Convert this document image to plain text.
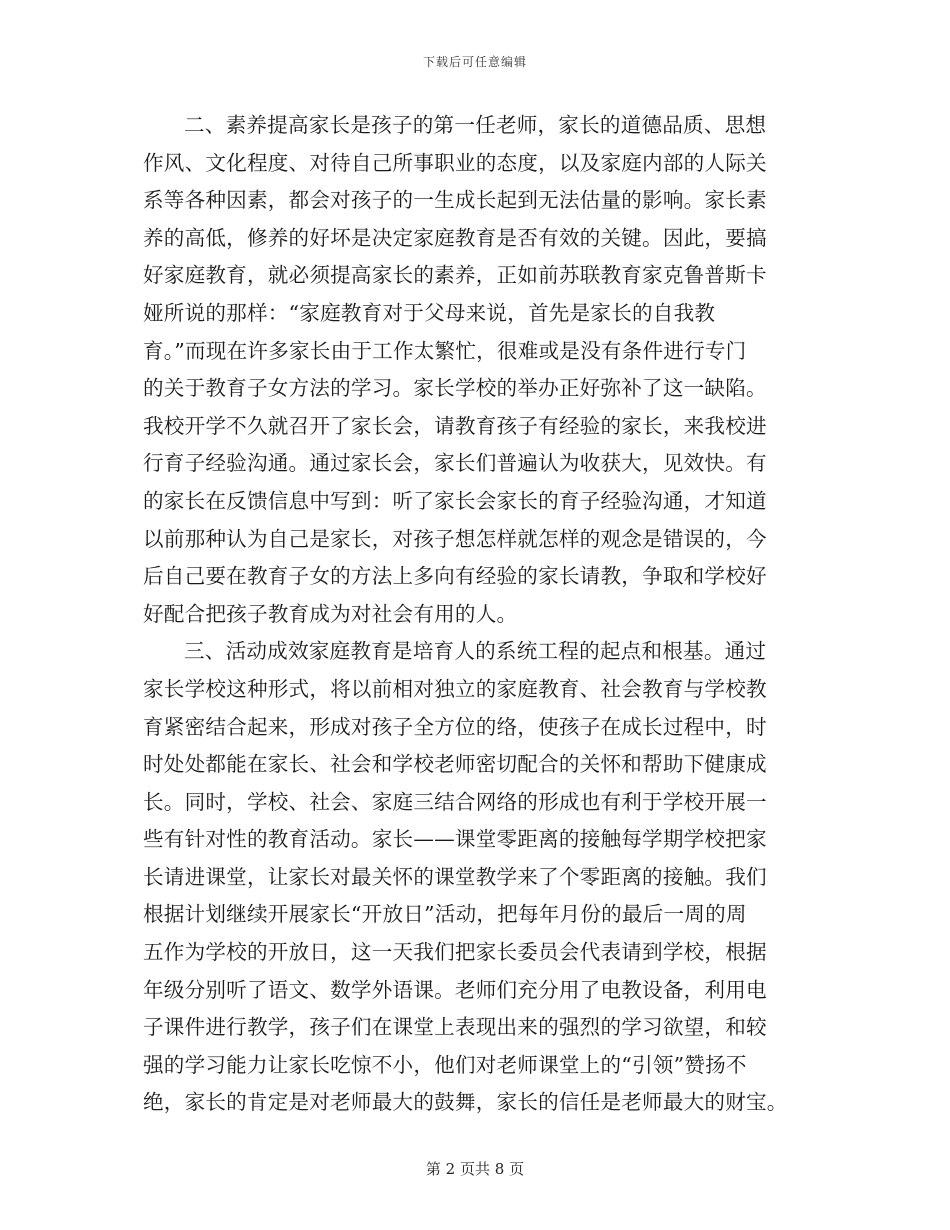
下载后可任意编辑
二、素养提高家长是孩子的第一任老师，家长的道德品质、思想
作风、文化程度、对待自己所事职业的态度，以及家庭内部的人际关
系等各种因素，都会对孩子的一生成长起到无法估量的影响。家长素
养的高低，修养的好坏是决定家庭教育是否有效的关键。因此，要搞
好家庭教育，就必须提高家长的素养，正如前苏联教育家克鲁普斯卡
娅所说的那样：“家庭教育对于父母来说，首先是家长的自我教
育。”而现在许多家长由于工作太繁忙，很难或是没有条件进行专门
的关于教育子女方法的学习。家长学校的举办正好弥补了这一缺陷。
我校开学不久就召开了家长会，请教育孩子有经验的家长，来我校进
行育子经验沟通。通过家长会，家长们普遍认为收获大，见效快。有
的家长在反馈信息中写到：听了家长会家长的育子经验沟通，才知道
以前那种认为自己是家长，对孩子想怎样就怎样的观念是错误的，今
后自己要在教育子女的方法上多向有经验的家长请教，争取和学校好
好配合把孩子教育成为对社会有用的人。
三、活动成效家庭教育是培育人的系统工程的起点和根基。通过
家长学校这种形式，将以前相对独立的家庭教育、社会教育与学校教
育紧密结合起来，形成对孩子全方位的络，使孩子在成长过程中，时
时处处都能在家长、社会和学校老师密切配合的关怀和帮助下健康成
长。同时，学校、社会、家庭三结合网络的形成也有利于学校开展一
些有针对性的教育活动。家长——课堂零距离的接触每学期学校把家
长请进课堂，让家长对最关怀的课堂教学来了个零距离的接触。我们
根据计划继续开展家长“开放日”活动，把每年月份的最后一周的周
五作为学校的开放日，这一天我们把家长委员会代表请到学校，根据
年级分别听了语文、数学外语课。老师们充分用了电教设备，利用电
子课件进行教学，孩子们在课堂上表现出来的强烈的学习欲望，和较
强的学习能力让家长吃惊不小，他们对老师课堂上的“引领”赞扬不
绝，家长的肯定是对老师最大的鼓舞，家长的信任是老师最大的财宝。
第 2 页共 8 页
